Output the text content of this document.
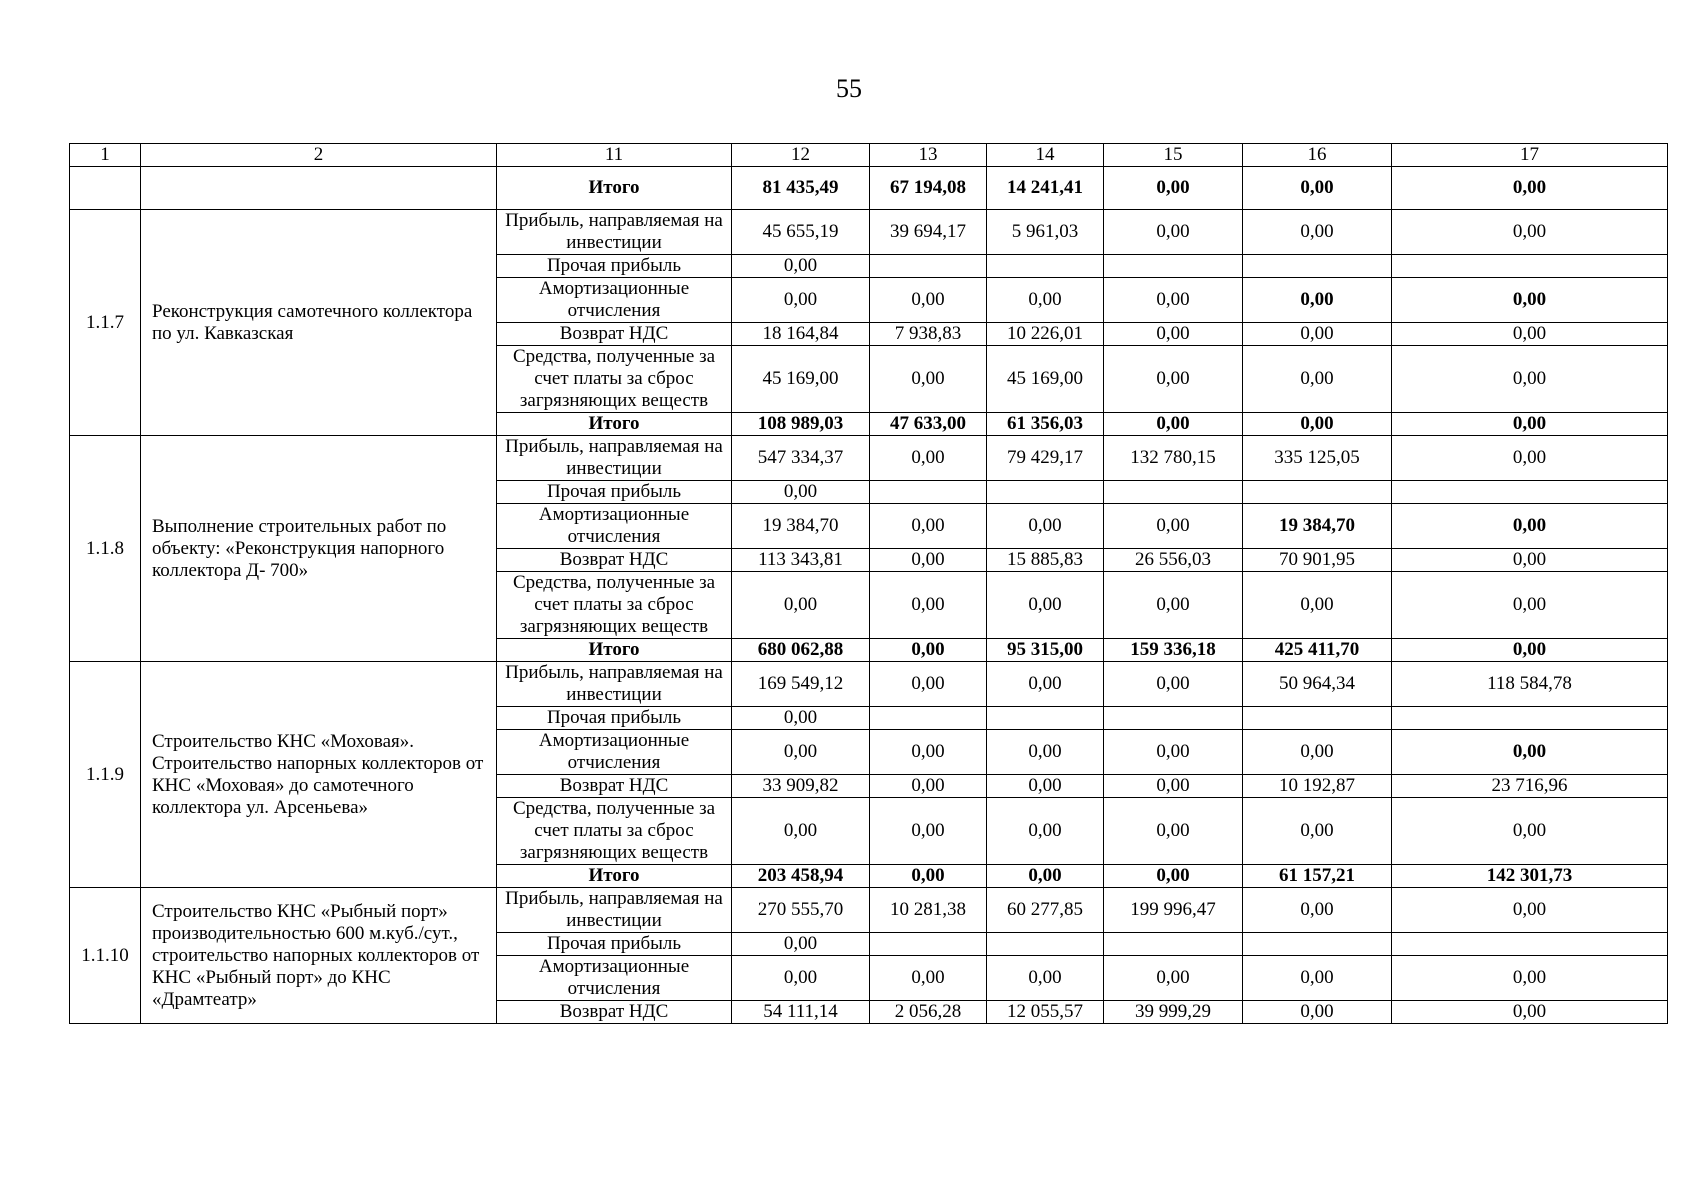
55
1	2	11	12	13	14	15	16	17
		Итого	81 435,49	67 194,08	14 241,41	0,00	0,00	0,00
1.1.7	Реконструкция самотечного коллектора по ул. Кавказская	Прибыль, направляемая на инвестиции	45 655,19	39 694,17	5 961,03	0,00	0,00	0,00
		Прочая прибыль	0,00					
		Амортизационные отчисления	0,00	0,00	0,00	0,00	0,00	0,00
		Возврат НДС	18 164,84	7 938,83	10 226,01	0,00	0,00	0,00
		Средства, полученные за счет платы за сброс загрязняющих веществ	45 169,00	0,00	45 169,00	0,00	0,00	0,00
		Итого	108 989,03	47 633,00	61 356,03	0,00	0,00	0,00
1.1.8	Выполнение строительных работ по объекту: «Реконструкция напорного коллектора Д- 700»	Прибыль, направляемая на инвестиции	547 334,37	0,00	79 429,17	132 780,15	335 125,05	0,00
		Прочая прибыль	0,00					
		Амортизационные отчисления	19 384,70	0,00	0,00	0,00	19 384,70	0,00
		Возврат НДС	113 343,81	0,00	15 885,83	26 556,03	70 901,95	0,00
		Средства, полученные за счет платы за сброс загрязняющих веществ	0,00	0,00	0,00	0,00	0,00	0,00
		Итого	680 062,88	0,00	95 315,00	159 336,18	425 411,70	0,00
1.1.9	Строительство КНС «Моховая». Строительство напорных коллекторов от КНС «Моховая» до самотечного коллектора ул. Арсеньева»	Прибыль, направляемая на инвестиции	169 549,12	0,00	0,00	0,00	50 964,34	118 584,78
		Прочая прибыль	0,00					
		Амортизационные отчисления	0,00	0,00	0,00	0,00	0,00	0,00
		Возврат НДС	33 909,82	0,00	0,00	0,00	10 192,87	23 716,96
		Средства, полученные за счет платы за сброс загрязняющих веществ	0,00	0,00	0,00	0,00	0,00	0,00
		Итого	203 458,94	0,00	0,00	0,00	61 157,21	142 301,73
1.1.10	Строительство КНС «Рыбный порт» производительностью 600 м.куб./сут., строительство напорных коллекторов от КНС «Рыбный порт» до КНС «Драмтеатр»	Прибыль, направляемая на инвестиции	270 555,70	10 281,38	60 277,85	199 996,47	0,00	0,00
		Прочая прибыль	0,00					
		Амортизационные отчисления	0,00	0,00	0,00	0,00	0,00	0,00
		Возврат НДС	54 111,14	2 056,28	12 055,57	39 999,29	0,00	0,00
